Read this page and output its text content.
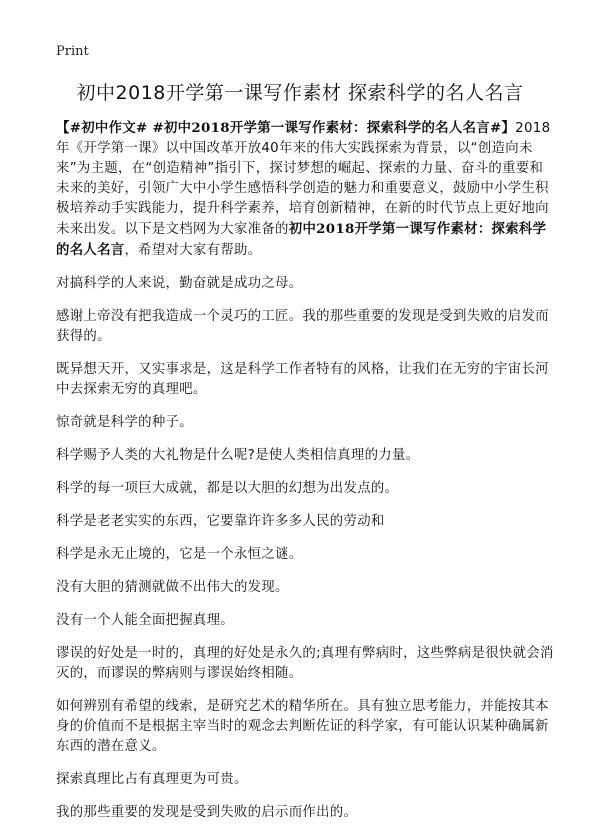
Print
初中2018开学第一课写作素材 探索科学的名人名言

【#初中作文# #初中2018开学第一课写作素材：探索科学的名人名言#】2018年《开学第一课》以中国改革开放40年来的伟大实践探索为背景，以“创造向未来”为主题，在“创造精神”指引下，探讨梦想的崛起、探索的力量、奋斗的重要和未来的美好，引领广大中小学生感悟科学创造的魅力和重要意义，鼓励中小学生积极培养动手实践能力，提升科学素养，培育创新精神，在新的时代节点上更好地向未来出发。以下是文档网为大家准备的初中2018开学第一课写作素材：探索科学的名人名言，希望对大家有帮助。

对搞科学的人来说，勤奋就是成功之母。

感谢上帝没有把我造成一个灵巧的工匠。我的那些重要的发现是受到失败的启发而获得的。

既异想天开，又实事求是，这是科学工作者特有的风格，让我们在无穷的宇宙长河中去探索无穷的真理吧。

惊奇就是科学的种子。

科学赐予人类的大礼物是什么呢?是使人类相信真理的力量。

科学的每一项巨大成就，都是以大胆的幻想为出发点的。

科学是老老实实的东西，它要靠许许多多人民的劳动和

科学是永无止境的，它是一个永恒之谜。

没有大胆的猜测就做不出伟大的发现。

没有一个人能全面把握真理。

谬误的好处是一时的，真理的好处是永久的;真理有弊病时，这些弊病是很快就会消灭的，而谬误的弊病则与谬误始终相随。

如何辨别有希望的线索，是研究艺术的精华所在。具有独立思考能力，并能按其本身的价值而不是根据主宰当时的观念去判断佐证的科学家，有可能认识某种确属新东西的潜在意义。

探索真理比占有真理更为可贵。

我的那些重要的发现是受到失败的启示而作出的。
